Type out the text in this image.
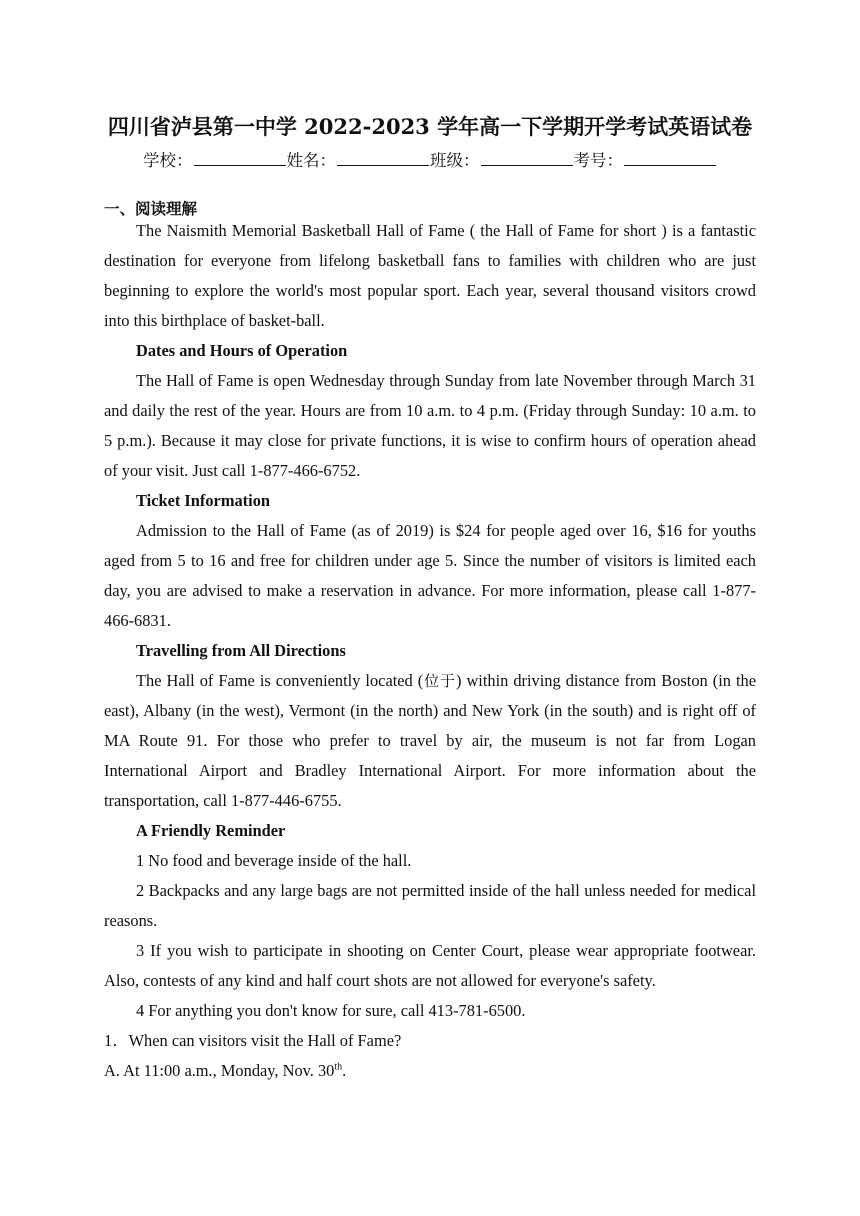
四川省泸县第一中学 2022-2023 学年高一下学期开学考试英语试卷
学校：	姓名：	班级：	考号：
一、阅读理解

The Naismith Memorial Basketball Hall of Fame ( the Hall of Fame for short ) is a fantastic destination for everyone from lifelong basketball fans to families with children who are just beginning to explore the world's most popular sport. Each year, several thousand visitors crowd into this birthplace of basket-ball.

Dates and Hours of Operation

The Hall of Fame is open Wednesday through Sunday from late November through March 31 and daily the rest of the year. Hours are from 10 a.m. to 4 p.m. (Friday through Sunday: 10 a.m. to 5 p.m.). Because it may close for private functions, it is wise to confirm hours of operation ahead of your visit. Just call 1-877-466-6752.

Ticket Information

Admission to the Hall of Fame (as of 2019) is $24 for people aged over 16, $16 for youths aged from 5 to 16 and free for children under age 5. Since the number of visitors is limited each day, you are advised to make a reservation in advance. For more information, please call 1-877-466-6831.

Travelling from All Directions

The Hall of Fame is conveniently located (位于) within driving distance from Boston (in the east), Albany (in the west), Vermont (in the north) and New York (in the south) and is right off of MA Route 91. For those who prefer to travel by air, the museum is not far from Logan International Airport and Bradley International Airport. For more information about the transportation, call 1-877-446-6755.

A Friendly Reminder

1 No food and beverage inside of the hall.

2 Backpacks and any large bags are not permitted inside of the hall unless needed for medical reasons.

3 If you wish to participate in shooting on Center Court, please wear appropriate footwear. Also, contests of any kind and half court shots are not allowed for everyone's safety.

4 For anything you don't know for sure, call 413-781-6500.

1．When can visitors visit the Hall of Fame?

A. At 11:00 a.m., Monday, Nov. 30th.
